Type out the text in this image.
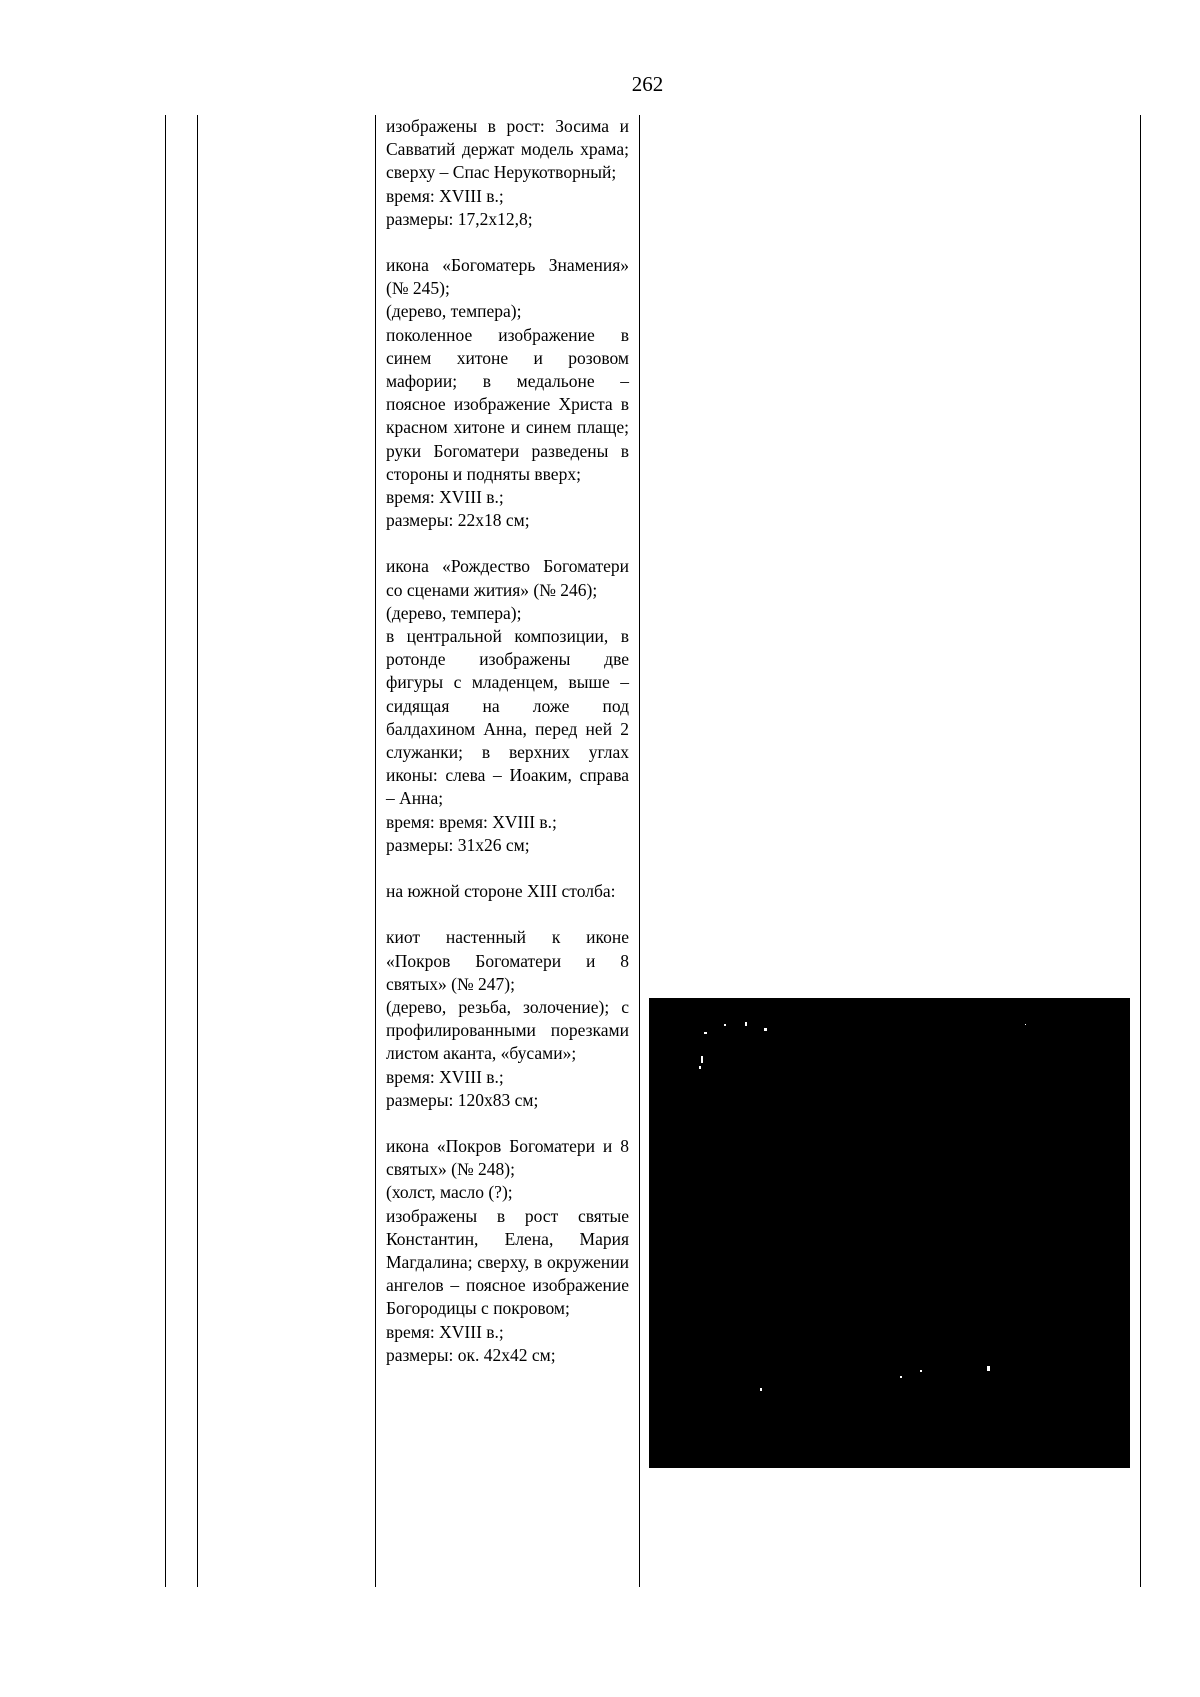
262

изображены в рост: Зосима и Савватий держат модель храма; сверху – Спас Нерукотворный;

время: XVIII в.;

размеры: 17,2x12,8;

икона «Богоматерь Знамения» (№ 245);

(дерево, темпера);

поколенное изображение в синем хитоне и розовом мафории; в медальоне – поясное изображение Христа в красном хитоне и синем плаще; руки Богоматери разведены в стороны и подняты вверх;

время: XVIII в.;

размеры: 22x18 см;

икона «Рождество Богоматери со сценами жития» (№ 246);

(дерево, темпера);

в центральной композиции, в ротонде изображены две фигуры с младенцем, выше – сидящая на ложе под балдахином Анна, перед ней 2 служанки; в верхних углах иконы: слева – Иоаким, справа – Анна;

время: время: XVIII в.;

размеры: 31x26 см;

на южной стороне XIII столба:

киот настенный к иконе «Покров Богоматери и 8 святых» (№ 247);

(дерево, резьба, золочение); с профилированными порезками листом аканта, «бусами»;

время: XVIII в.;

размеры: 120x83 см;

икона «Покров Богоматери и 8 святых» (№ 248);

(холст, масло (?);

изображены в рост святые Константин, Елена, Мария Магдалина; сверху, в окружении ангелов – поясное изображение Богородицы с покровом;

время: XVIII в.;

размеры: ок. 42x42 см;
